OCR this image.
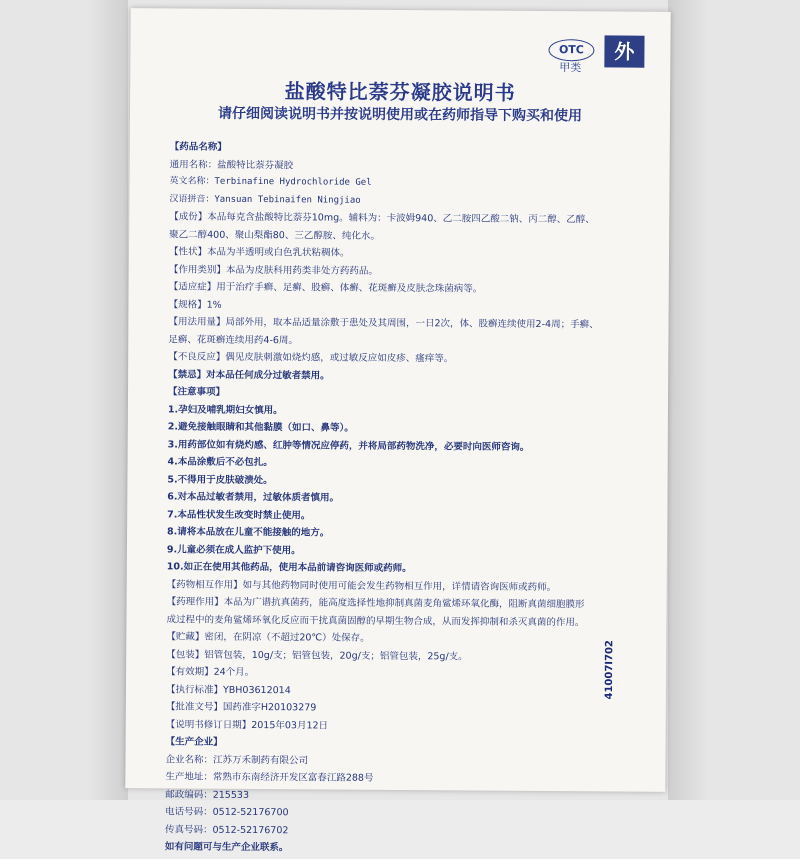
OTC
甲类
外
盐酸特比萘芬凝胶说明书
请仔细阅读说明书并按说明使用或在药师指导下购买和使用
【药品名称】
通用名称：盐酸特比萘芬凝胶
英文名称：Terbinafine Hydrochloride Gel
汉语拼音：Yansuan Tebinaifen Ningjiao
【成份】本品每克含盐酸特比萘芬10mg。辅料为：卡波姆940、乙二胺四乙酸二钠、丙二醇、乙醇、
聚乙二醇400、聚山梨酯80、三乙醇胺、纯化水。
【性状】本品为半透明或白色乳状粘稠体。
【作用类别】本品为皮肤科用药类非处方药药品。
【适应症】用于治疗手癣、足癣、股癣、体癣、花斑癣及皮肤念珠菌病等。
【规格】1%
【用法用量】局部外用，取本品适量涂敷于患处及其周围，一日2次，体、股癣连续使用2-4周；手癣、
足癣、花斑癣连续用药4-6周。
【不良反应】偶见皮肤刺激如烧灼感，或过敏反应如皮疹、瘙痒等。
【禁忌】对本品任何成分过敏者禁用。
【注意事项】
1.孕妇及哺乳期妇女慎用。
2.避免接触眼睛和其他黏膜（如口、鼻等）。
3.用药部位如有烧灼感、红肿等情况应停药，并将局部药物洗净，必要时向医师咨询。
4.本品涂敷后不必包扎。
5.不得用于皮肤破溃处。
6.对本品过敏者禁用，过敏体质者慎用。
7.本品性状发生改变时禁止使用。
8.请将本品放在儿童不能接触的地方。
9.儿童必须在成人监护下使用。
10.如正在使用其他药品，使用本品前请咨询医师或药师。
【药物相互作用】如与其他药物同时使用可能会发生药物相互作用，详情请咨询医师或药师。
【药理作用】本品为广谱抗真菌药，能高度选择性地抑制真菌麦角鲨烯环氧化酶，阻断真菌细胞膜形
成过程中的麦角鲨烯环氧化反应而干扰真菌固醇的早期生物合成，从而发挥抑制和杀灭真菌的作用。
【贮藏】密闭，在阴凉（不超过20℃）处保存。
【包装】铝管包装，10g/支；铝管包装，20g/支；铝管包装，25g/支。
【有效期】24个月。
【执行标准】YBH03612014
【批准文号】国药准字H20103279
【说明书修订日期】2015年03月12日
【生产企业】
企业名称：江苏万禾制药有限公司
生产地址：常熟市东南经济开发区富春江路288号
邮政编码：215533
电话号码：0512-52176700
传真号码：0512-52176702
如有问题可与生产企业联系。
41007I702
